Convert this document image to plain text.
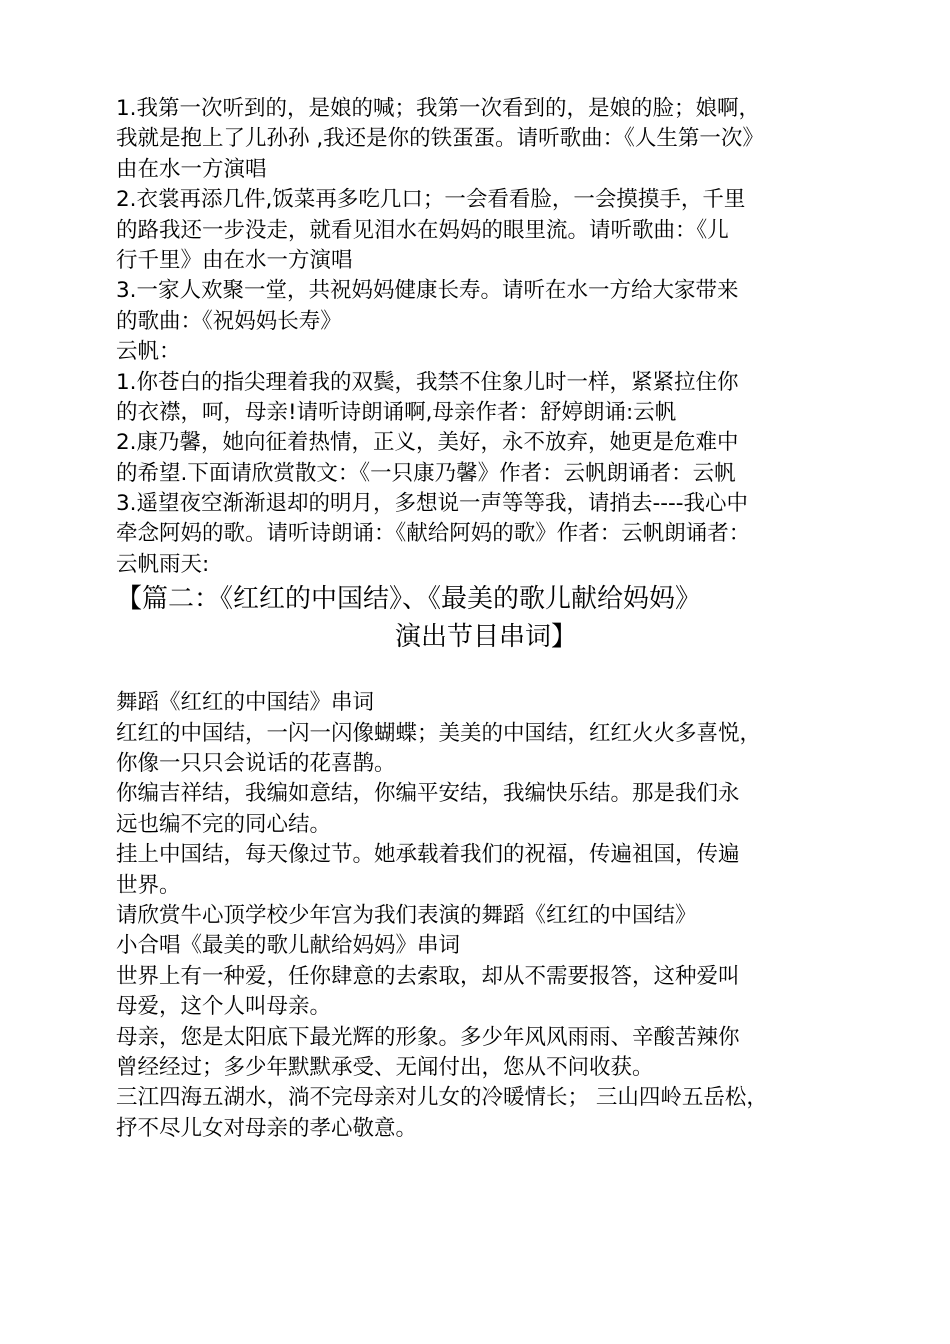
1.我第一次听到的，是娘的喊；我第一次看到的，是娘的脸；娘啊，
我就是抱上了儿孙孙 ,我还是你的铁蛋蛋。请听歌曲：《人生第一次》
由在水一方演唱
2.衣裳再添几件,饭菜再多吃几口；一会看看脸，一会摸摸手，千里
的路我还一步没走，就看见泪水在妈妈的眼里流。请听歌曲：《儿
行千里》由在水一方演唱
3.一家人欢聚一堂，共祝妈妈健康长寿。请听在水一方给大家带来
的歌曲：《祝妈妈长寿》
云帆：
1.你苍白的指尖理着我的双鬓，我禁不住象儿时一样，紧紧拉住你
的衣襟，呵，母亲!请听诗朗诵啊,母亲作者：舒婷朗诵:云帆
2.康乃馨，她向征着热情，正义，美好，永不放弃，她更是危难中
的希望.下面请欣赏散文：《一只康乃馨》作者：云帆朗诵者：云帆
3.遥望夜空渐渐退却的明月，多想说一声等等我，请捎去----我心中
牵念阿妈的歌。请听诗朗诵：《献给阿妈的歌》作者：云帆朗诵者：
云帆雨天:
【篇二：《红红的中国结》、《最美的歌儿献给妈妈》
演出节目串词】
舞蹈《红红的中国结》串词
红红的中国结，一闪一闪像蝴蝶；美美的中国结，红红火火多喜悦，
你像一只只会说话的花喜鹊。
你编吉祥结，我编如意结，你编平安结，我编快乐结。那是我们永
远也编不完的同心结。
挂上中国结，每天像过节。她承载着我们的祝福，传遍祖国，传遍
世界。
请欣赏牛心顶学校少年宫为我们表演的舞蹈《红红的中国结》
小合唱《最美的歌儿献给妈妈》串词
世界上有一种爱，任你肆意的去索取，却从不需要报答，这种爱叫
母爱，这个人叫母亲。
母亲，您是太阳底下最光辉的形象。多少年风风雨雨、辛酸苦辣你
曾经经过；多少年默默承受、无闻付出，您从不问收获。
三江四海五湖水，淌不完母亲对儿女的冷暖情长； 三山四岭五岳松，
抒不尽儿女对母亲的孝心敬意。
